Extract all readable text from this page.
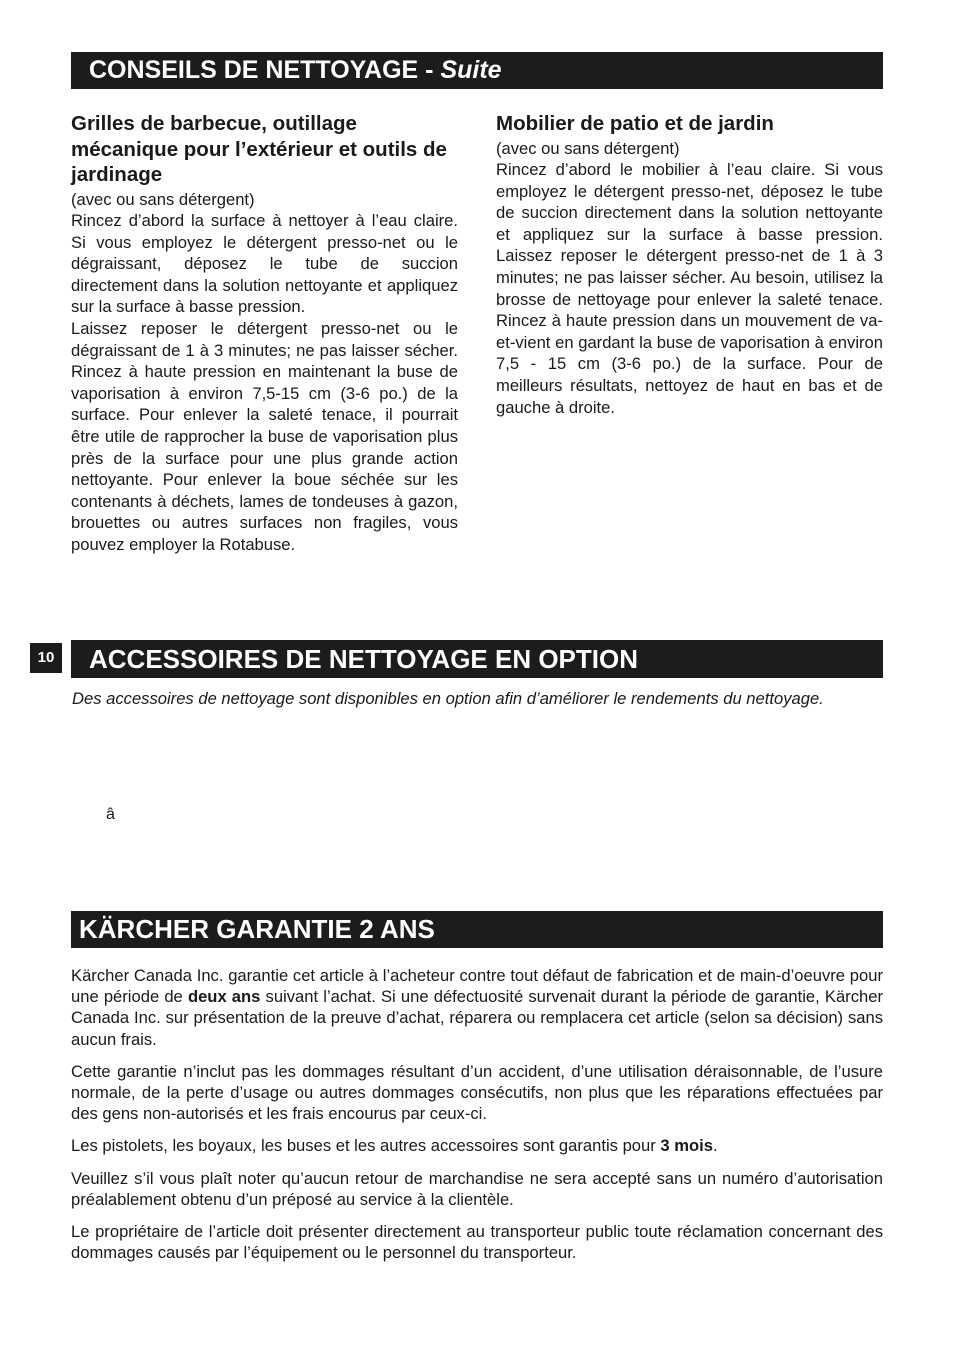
CONSEILS DE NETTOYAGE - Suite
Grilles de barbecue, outillage mécanique pour l’extérieur et outils de jardinage
(avec ou sans détergent)

Rincez d’abord la surface à nettoyer à l’eau claire. Si vous employez le détergent presso-net ou le dégraissant, déposez le tube de succion directement dans la solution nettoyante et appliquez sur la surface à basse pression.

Laissez reposer le détergent presso-net ou le dégraissant de 1 à 3 minutes; ne pas laisser sécher. Rincez à haute pression en maintenant la buse de vaporisation à environ 7,5-15 cm (3-6 po.) de la surface. Pour enlever la saleté tenace, il pourrait être utile de rapprocher la buse de vaporisation plus près de la surface pour une plus grande action nettoyante. Pour enlever la boue séchée sur les contenants à déchets, lames de tondeuses à gazon, brouettes ou autres surfaces non fragiles, vous pouvez employer la Rotabuse.

Mobilier de patio et de jardin
(avec ou sans détergent)

Rincez d’abord le mobilier à l’eau claire. Si vous employez le détergent presso-net, déposez le tube de succion directement dans la solution nettoyante et appliquez sur la surface à basse pression. Laissez reposer le détergent presso-net de 1 à 3 minutes; ne pas laisser sécher. Au besoin, utilisez la brosse de nettoyage pour enlever la saleté tenace. Rincez à haute pression dans un mouvement de va-et-vient en gardant la buse de vaporisation à environ 7,5 - 15 cm (3-6 po.) de la surface. Pour de meilleurs résultats, nettoyez de haut en bas et de gauche à droite.

10	ACCESSOIRES DE NETTOYAGE EN OPTION
Des accessoires de nettoyage sont disponibles en option afin d’améliorer le rendements du nettoyage.
â
KÄRCHER GARANTIE 2 ANS

Kärcher Canada Inc. garantie cet article à l’acheteur contre tout défaut de fabrication et de main-d’oeuvre pour une période de deux ans suivant l’achat. Si une défectuosité survenait durant la période de garantie, Kärcher Canada Inc. sur présentation de la preuve d’achat, réparera ou remplacera cet article (selon sa décision) sans aucun frais.

Cette garantie n’inclut pas les dommages résultant d’un accident, d’une utilisation déraisonnable, de l’usure normale, de la perte d’usage ou autres dommages consécutifs, non plus que les réparations effectuées par des gens non-autorisés et les frais encourus par ceux-ci.

Les pistolets, les boyaux, les buses et les autres accessoires sont garantis pour 3 mois.

Veuillez s’il vous plaît noter qu’aucun retour de marchandise ne sera accepté sans un numéro d’autorisation préalablement obtenu d’un préposé au service à la clientèle.

Le propriétaire de l’article doit présenter directement au transporteur public toute réclamation concernant des dommages causés par l’équipement ou le personnel du transporteur.
